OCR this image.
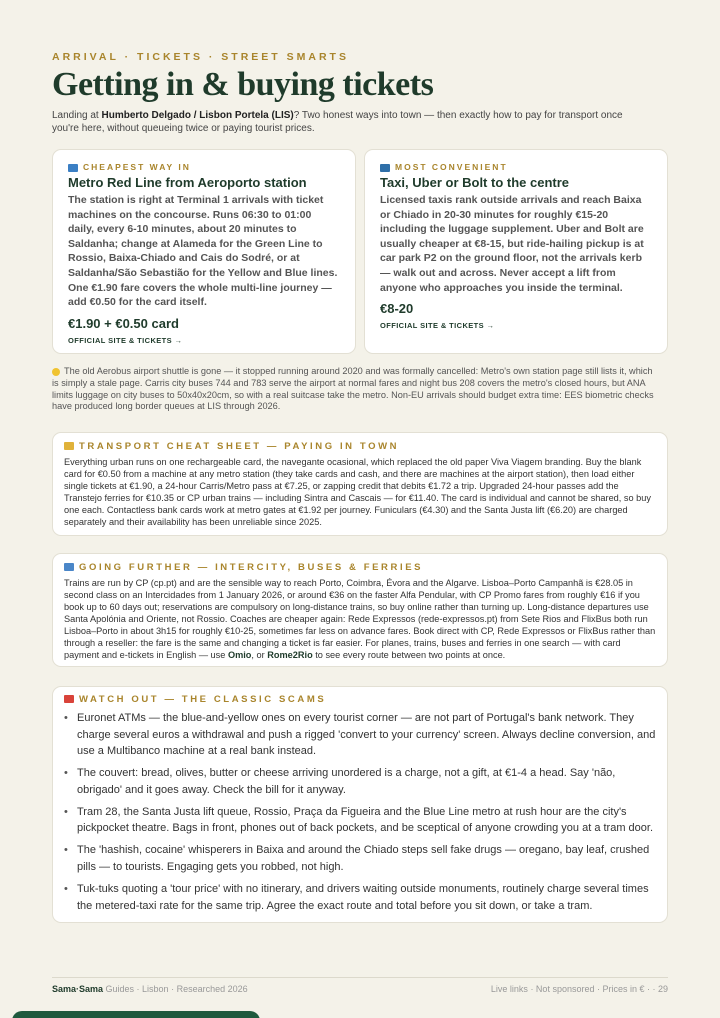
ARRIVAL · TICKETS · STREET SMARTS
Getting in & buying tickets

Landing at Humberto Delgado / Lisbon Portela (LIS)? Two honest ways into town — then exactly how to pay for transport once you're here, without queueing twice or paying tourist prices.

CHEAPEST WAY IN
Metro Red Line from Aeroporto station
The station is right at Terminal 1 arrivals with ticket machines on the concourse. Runs 06:30 to 01:00 daily, every 6-10 minutes, about 20 minutes to Saldanha; change at Alameda for the Green Line to Rossio, Baixa-Chiado and Cais do Sodré, or at Saldanha/São Sebastião for the Yellow and Blue lines. One €1.90 fare covers the whole multi-line journey — add €0.50 for the card itself.
€1.90 + €0.50 card
OFFICIAL SITE & TICKETS →
MOST CONVENIENT
Taxi, Uber or Bolt to the centre
Licensed taxis rank outside arrivals and reach Baixa or Chiado in 20-30 minutes for roughly €15-20 including the luggage supplement. Uber and Bolt are usually cheaper at €8-15, but ride-hailing pickup is at car park P2 on the ground floor, not the arrivals kerb — walk out and across. Never accept a lift from anyone who approaches you inside the terminal.
€8-20
OFFICIAL SITE & TICKETS →

The old Aerobus airport shuttle is gone — it stopped running around 2020 and was formally cancelled: Metro's own station page still lists it, which is simply a stale page. Carris city buses 744 and 783 serve the airport at normal fares and night bus 208 covers the metro's closed hours, but ANA limits luggage on city buses to 50x40x20cm, so with a real suitcase take the metro. Non-EU arrivals should budget extra time: EES biometric checks have produced long border queues at LIS through 2026.

TRANSPORT CHEAT SHEET — PAYING IN TOWN
Everything urban runs on one rechargeable card, the navegante ocasional, which replaced the old paper Viva Viagem branding. Buy the blank card for €0.50 from a machine at any metro station (they take cards and cash, and there are machines at the airport station), then load either single tickets at €1.90, a 24-hour Carris/Metro pass at €7.25, or zapping credit that debits €1.72 a trip. Upgraded 24-hour passes add the Transtejo ferries for €10.35 or CP urban trains — including Sintra and Cascais — for €11.40. The card is individual and cannot be shared, so buy one each. Contactless bank cards work at metro gates at €1.92 per journey. Funiculars (€4.30) and the Santa Justa lift (€6.20) are charged separately and their availability has been unreliable since 2025.
GOING FURTHER — INTERCITY, BUSES & FERRIES
Trains are run by CP (cp.pt) and are the sensible way to reach Porto, Coimbra, Évora and the Algarve. Lisboa–Porto Campanhã is €28.05 in second class on an Intercidades from 1 January 2026, or around €36 on the faster Alfa Pendular, with CP Promo fares from roughly €16 if you book up to 60 days out; reservations are compulsory on long-distance trains, so buy online rather than turning up. Long-distance departures use Santa Apolónia and Oriente, not Rossio. Coaches are cheaper again: Rede Expressos (rede-expressos.pt) from Sete Rios and FlixBus both run Lisboa–Porto in about 3h15 for roughly €10-25, sometimes far less on advance fares. Book direct with CP, Rede Expressos or FlixBus rather than through a reseller: the fare is the same and changing a ticket is far easier. For planes, trains, buses and ferries in one search — with card payment and e-tickets in English — use Omio, or Rome2Rio to see every route between two points at once.
WATCH OUT — THE CLASSIC SCAMS
• Euronet ATMs — the blue-and-yellow ones on every tourist corner — are not part of Portugal's bank network. They charge several euros a withdrawal and push a rigged 'convert to your currency' screen. Always decline conversion, and use a Multibanco machine at a real bank instead.
• The couvert: bread, olives, butter or cheese arriving unordered is a charge, not a gift, at €1-4 a head. Say 'não, obrigado' and it goes away. Check the bill for it anyway.
• Tram 28, the Santa Justa lift queue, Rossio, Praça da Figueira and the Blue Line metro at rush hour are the city's pickpocket theatre. Bags in front, phones out of back pockets, and be sceptical of anyone crowding you at a tram door.
• The 'hashish, cocaine' whisperers in Baixa and around the Chiado steps sell fake drugs — oregano, bay leaf, crushed pills — to tourists. Engaging gets you robbed, not high.
• Tuk-tuks quoting a 'tour price' with no itinerary, and drivers waiting outside monuments, routinely charge several times the metered-taxi rate for the same trip. Agree the exact route and total before you sit down, or take a tram.
Sama·Sama Guides · Lisbon · Researched 2026	Live links · Not sponsored · Prices in € · · 29
